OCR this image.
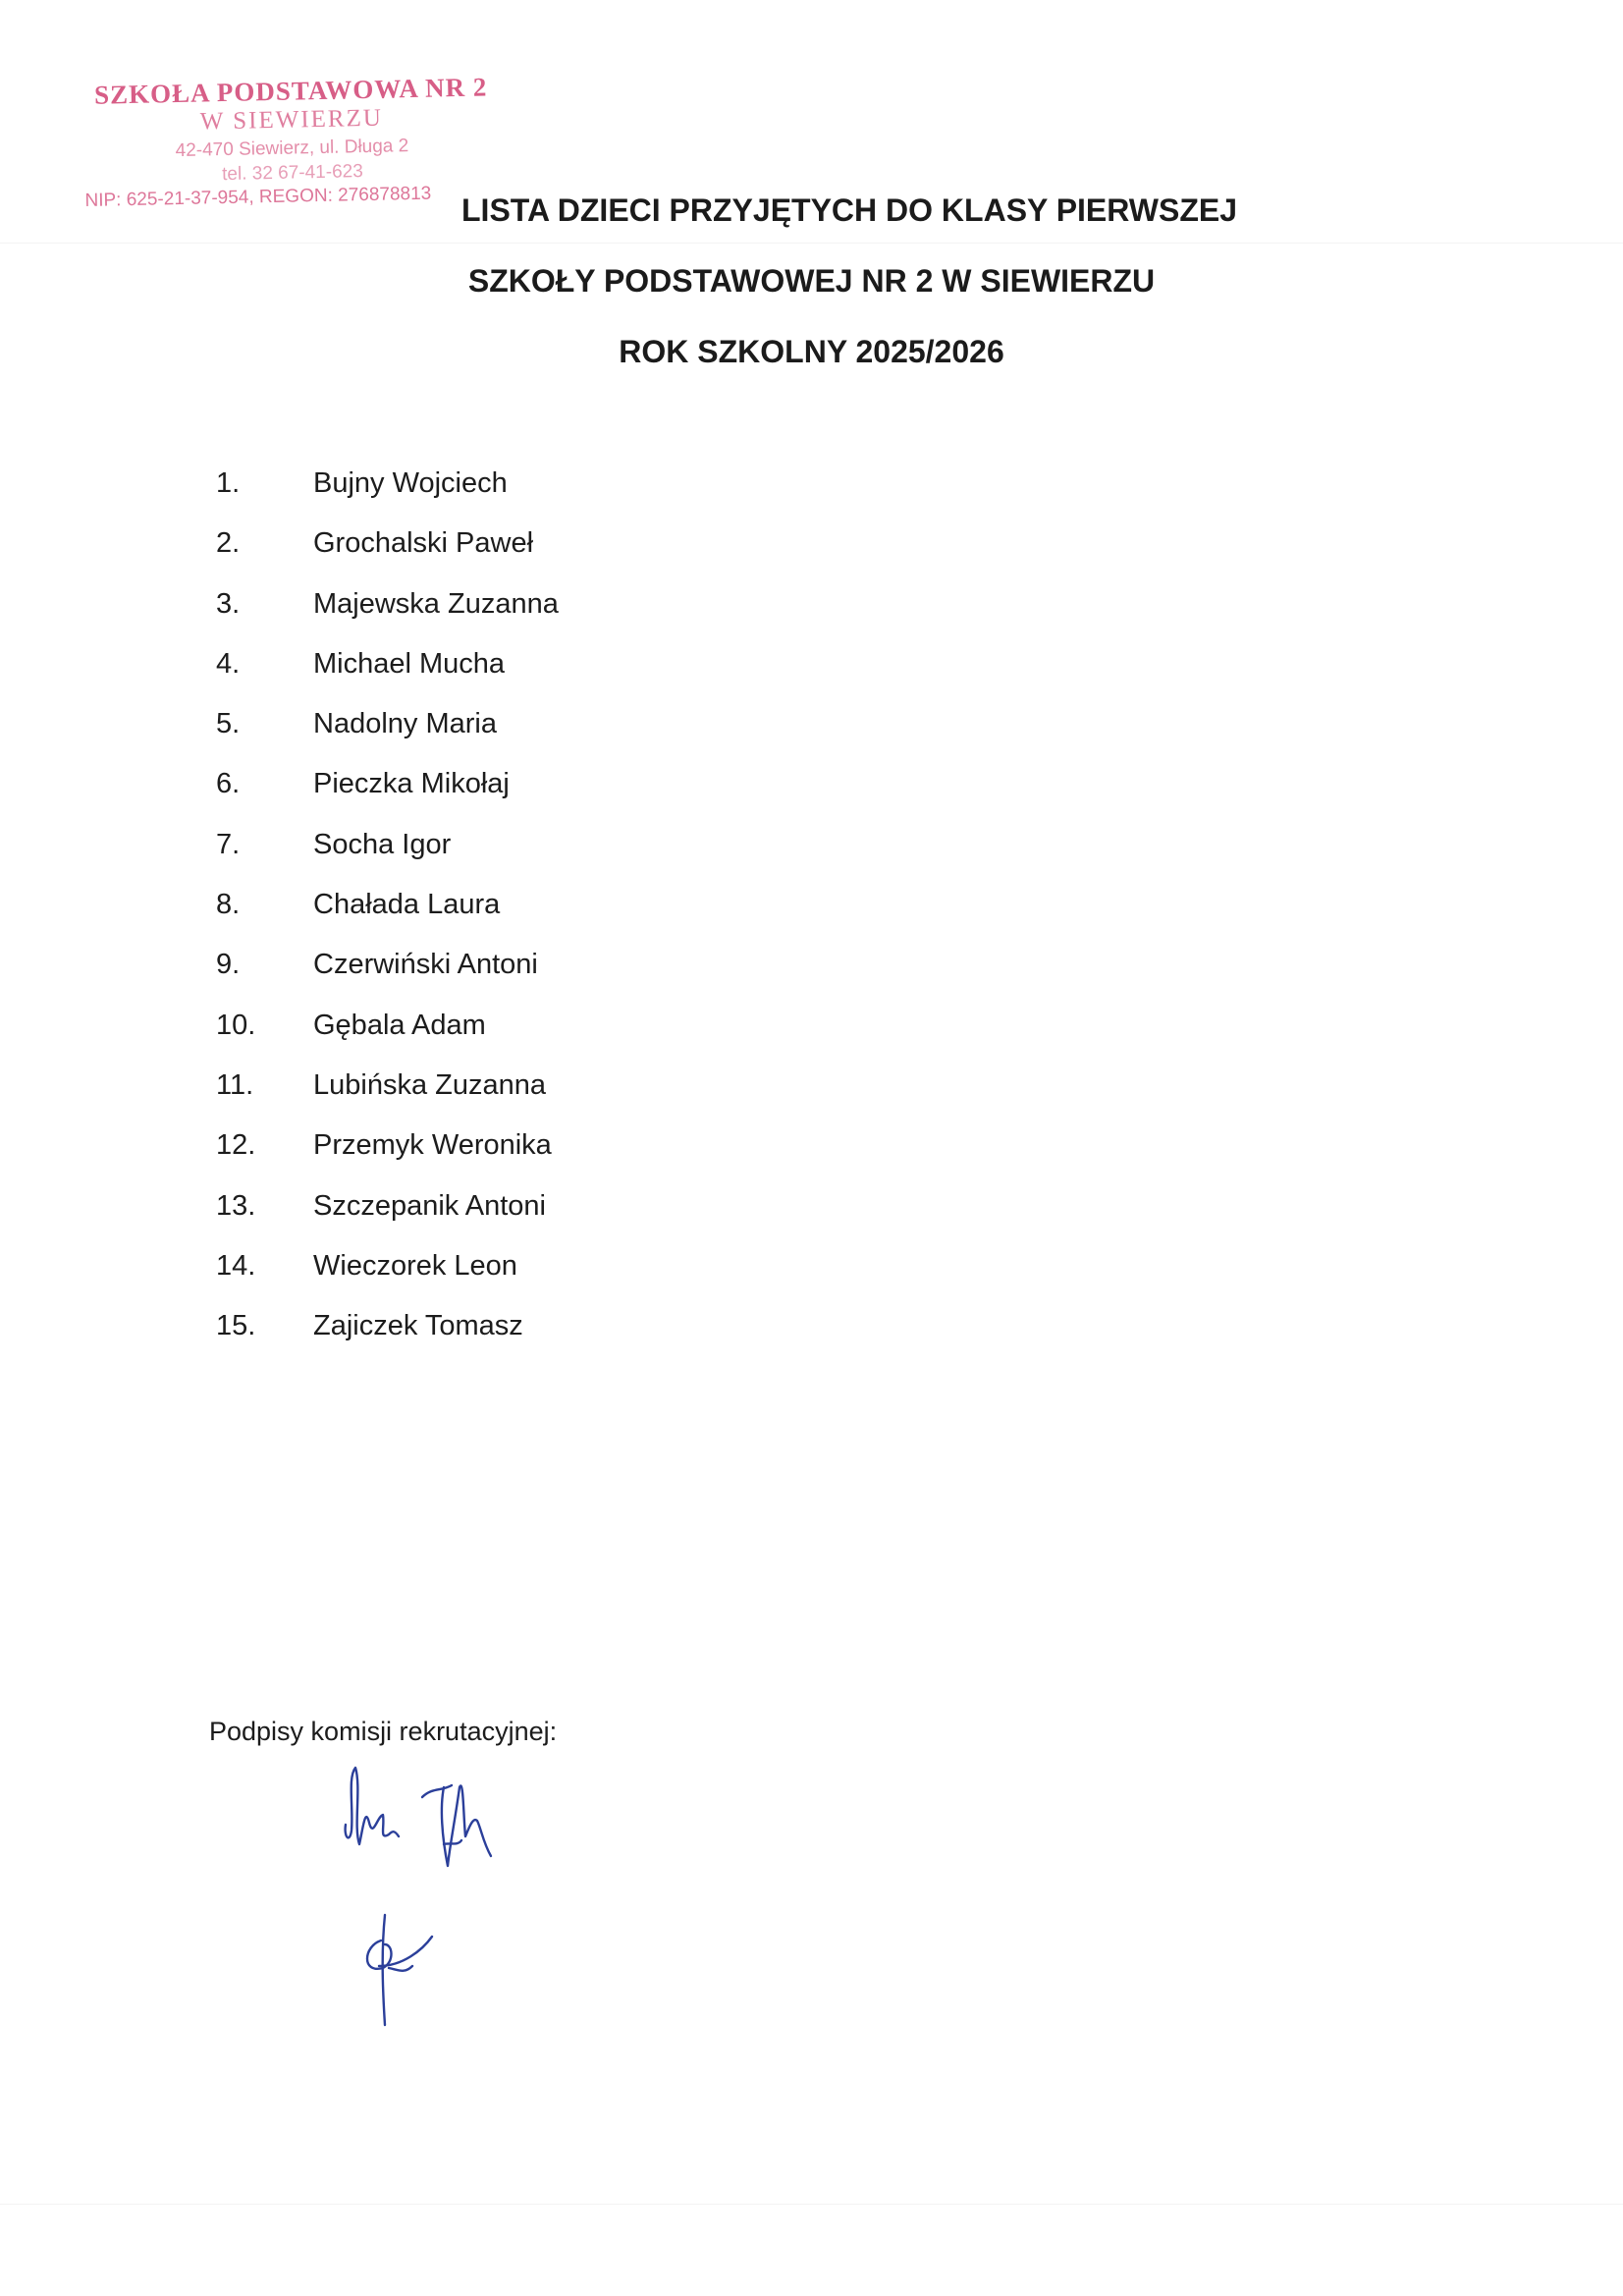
SZKOŁA PODSTAWOWA NR 2
W SIEWIERZU
42-470 Siewierz, ul. Długa 2
tel. 32 67-41-623
NIP: 625-21-37-954, REGON: 276878813 LISTA DZIECI PRZYJĘTYCH DO KLASY PIERWSZEJ
SZKOŁY PODSTAWOWEJ NR 2 W SIEWIERZU
ROK SZKOLNY 2025/2026
1.	Bujny Wojciech
2.	Grochalski Paweł
3.	Majewska Zuzanna
4.	Michael Mucha
5.	Nadolny Maria
6.	Pieczka Mikołaj
7.	Socha Igor
8.	Chałada Laura
9.	Czerwiński Antoni
10. Gębala Adam
11. Lubińska Zuzanna
12. Przemyk Weronika
13. Szczepanik Antoni
14. Wieczorek Leon
15. Zajiczek Tomasz
Podpisy komisji rekrutacyjnej:
